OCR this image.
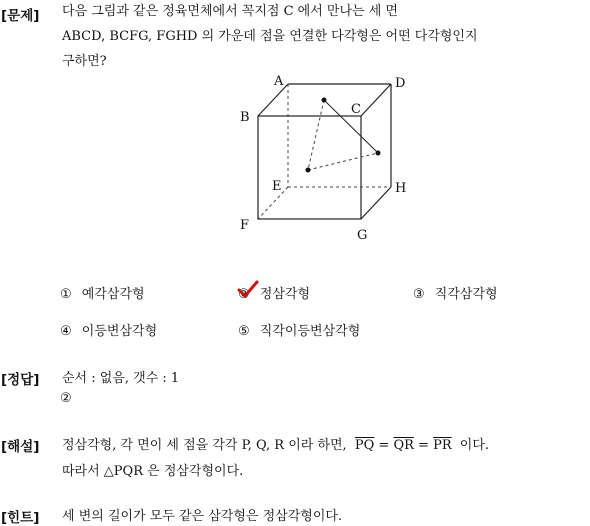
[문제] 다음 그림과 같은 정육면체에서 꼭지점 C 에서 만나는 세 면
ABCD, BCFG, FGHD 의 가운데 점을 연결한 다각형은 어떤 다각형인지
구하면?
A	D
B
C
E	H
F
G
① 예각삼각형	② 정삼각형	③ 직각삼각형
④ 이등변삼각형	⑤ 직각이등변삼각형
[정답] 순서 : 없음, 갯수 : 1
②
[해설] 정삼각형, 각 면이 세 점을 각각 P, Q, R 이라 하면, $\overline{PQ} = \overline{QR} = \overline{PR}$ 이다.
따라서 △PQR 은 정삼각형이다.
[힌트] 세 변의 길이가 모두 같은 삼각형은 정삼각형이다.
